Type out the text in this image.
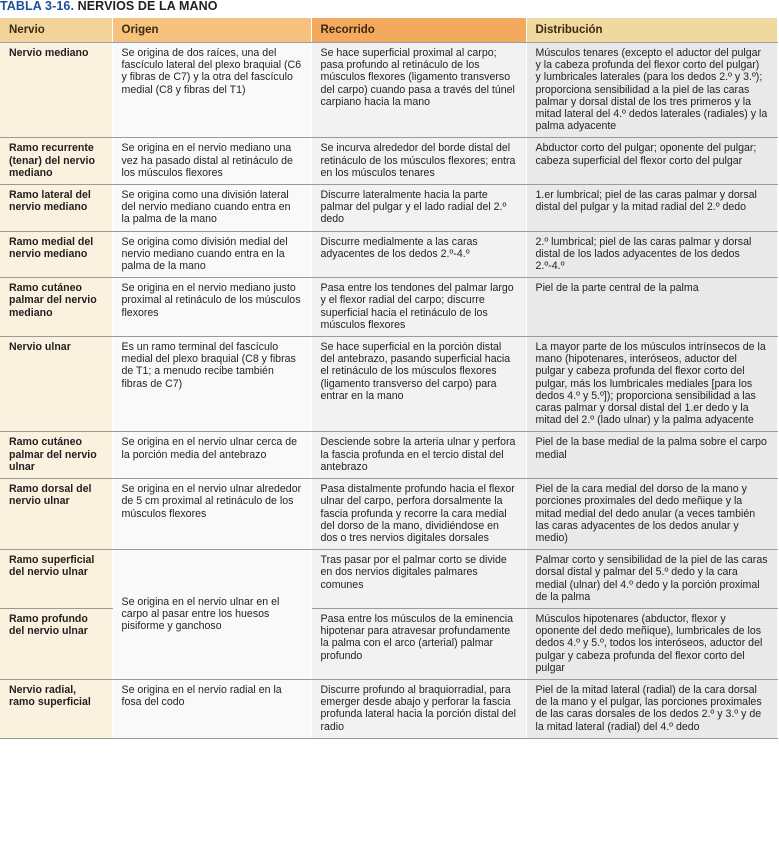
TABLA 3-16. NERVIOS DE LA MANO
Nervio	Origen	Recorrido	Distribución
Nervio mediano	Se origina de dos raíces, una del fascículo lateral del plexo braquial (C6 y fibras de C7) y la otra del fascículo medial (C8 y fibras del T1)	Se hace superficial proximal al carpo; pasa profundo al retináculo de los músculos flexores (ligamento transverso del carpo) cuando pasa a través del túnel carpiano hacia la mano	Músculos tenares (excepto el aductor del pulgar y la cabeza profunda del flexor corto del pulgar) y lumbricales laterales (para los dedos 2.º y 3.º); proporciona sensibilidad a la piel de las caras palmar y dorsal distal de los tres primeros y la mitad lateral del 4.º dedos laterales (radiales) y la palma adyacente
Ramo recurrente (tenar) del nervio mediano	Se origina en el nervio mediano una vez ha pasado distal al retináculo de los músculos flexores	Se incurva alrededor del borde distal del retináculo de los músculos flexores; entra en los músculos tenares	Abductor corto del pulgar; oponente del pulgar; cabeza superficial del flexor corto del pulgar
Ramo lateral del nervio mediano	Se origina como una división lateral del nervio mediano cuando entra en la palma de la mano	Discurre lateralmente hacia la parte palmar del pulgar y el lado radial del 2.º dedo	1.er lumbrical; piel de las caras palmar y dorsal distal del pulgar y la mitad radial del 2.º dedo
Ramo medial del nervio mediano	Se origina como división medial del nervio mediano cuando entra en la palma de la mano	Discurre medialmente a las caras adyacentes de los dedos 2.º-4.º	2.º lumbrical; piel de las caras palmar y dorsal distal de los lados adyacentes de los dedos 2.º-4.º
Ramo cutáneo palmar del nervio mediano	Se origina en el nervio mediano justo proximal al retináculo de los músculos flexores	Pasa entre los tendones del palmar largo y el flexor radial del carpo; discurre superficial hacia el retináculo de los músculos flexores	Piel de la parte central de la palma
Nervio ulnar	Es un ramo terminal del fascículo medial del plexo braquial (C8 y fibras de T1; a menudo recibe también fibras de C7)	Se hace superficial en la porción distal del antebrazo, pasando superficial hacia el retináculo de los músculos flexores (ligamento transverso del carpo) para entrar en la mano	La mayor parte de los músculos intrínsecos de la mano (hipotenares, interóseos, aductor del pulgar y cabeza profunda del flexor corto del pulgar, más los lumbricales mediales [para los dedos 4.º y 5.º]); proporciona sensibilidad a las caras palmar y dorsal distal del 1.er dedo y la mitad del 2.º (lado ulnar) y la palma adyacente
Ramo cutáneo palmar del nervio ulnar	Se origina en el nervio ulnar cerca de la porción media del antebrazo	Desciende sobre la arteria ulnar y perfora la fascia profunda en el tercio distal del antebrazo	Piel de la base medial de la palma sobre el carpo medial
Ramo dorsal del nervio ulnar	Se origina en el nervio ulnar alrededor de 5 cm proximal al retináculo de los músculos flexores	Pasa distalmente profundo hacia el flexor ulnar del carpo, perfora dorsalmente la fascia profunda y recorre la cara medial del dorso de la mano, dividiéndose en dos o tres nervios digitales dorsales	Piel de la cara medial del dorso de la mano y porciones proximales del dedo meñique y la mitad medial del dedo anular (a veces también las caras adyacentes de los dedos anular y medio)
Ramo superficial del nervio ulnar	Se origina en el nervio ulnar en el carpo al pasar entre los huesos pisiforme y ganchoso	Tras pasar por el palmar corto se divide en dos nervios digitales palmares comunes	Palmar corto y sensibilidad de la piel de las caras dorsal distal y palmar del 5.º dedo y la cara medial (ulnar) del 4.º dedo y la porción proximal de la palma
Ramo profundo del nervio ulnar		Pasa entre los músculos de la eminencia hipotenar para atravesar profundamente la palma con el arco (arterial) palmar profundo	Músculos hipotenares (abductor, flexor y oponente del dedo meñique), lumbricales de los dedos 4.º y 5.º, todos los interóseos, aductor del pulgar y cabeza profunda del flexor corto del pulgar
Nervio radial, ramo superficial	Se origina en el nervio radial en la fosa del codo	Discurre profundo al braquiorradial, para emerger desde abajo y perforar la fascia profunda lateral hacia la porción distal del radio	Piel de la mitad lateral (radial) de la cara dorsal de la mano y el pulgar, las porciones proximales de las caras dorsales de los dedos 2.º y 3.º y de la mitad lateral (radial) del 4.º dedo
